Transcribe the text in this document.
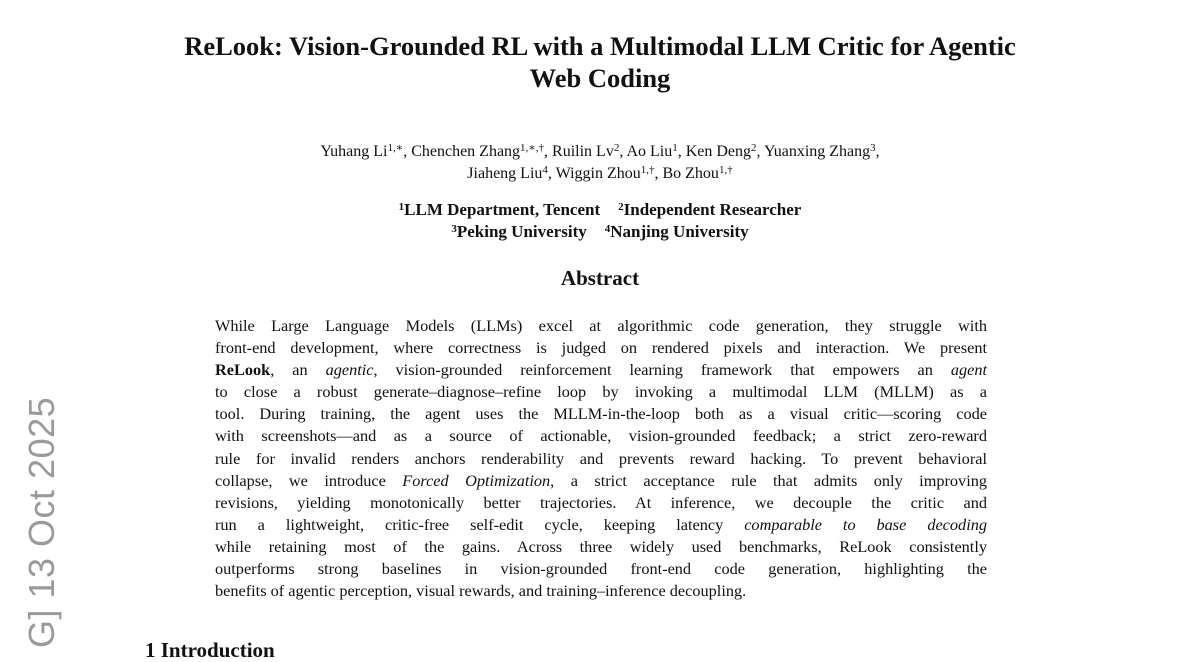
ReLook: Vision-Grounded RL with a Multimodal LLM Critic for Agentic
Web Coding
Yuhang $Li^{1,∗}$, Chenchen Zhang$^{1,∗,\dagger}$, Ruilin Lv$^2$, Ao Liu$^1$, Ken Deng$^2$, Yuanxing Zhang$^3$,
Jiaheng Liu$^4$, Wiggin Zhou$^{1,\dagger}$, Bo Zhou$^{1,\dagger}$
$^1$LLM Department, Tencent $^2$Independent Researcher
$^3$Peking University $^4$Nanjing University
Abstract
While Large Language Models (LLMs) excel at algorithmic code generation, they struggle with
front-end development, where correctness is judged on rendered pixels and interaction. We present
ReLook, an agentic, vision-grounded reinforcement learning framework that empowers an agent
to close a robust generate–diagnose–refine loop by invoking a multimodal LLM (MLLM) as a
tool. During training, the agent uses the MLLM-in-the-loop both as a visual critic—scoring code
with screenshots—and as a source of actionable, vision-grounded feedback; a strict zero-reward
rule for invalid renders anchors renderability and prevents reward hacking. To prevent behavioral
collapse, we introduce Forced Optimization, a strict acceptance rule that admits only improving
revisions, yielding monotonically better trajectories. At inference, we decouple the critic and
run a lightweight, critic-free self-edit cycle, keeping latency comparable to base decoding
while retaining most of the gains. Across three widely used benchmarks, ReLook consistently
outperforms strong baselines in vision-grounded front-end code generation, highlighting the
benefits of agentic perception, visual rewards, and training–inference decoupling.
G] 13 Oct 2025
1 Introduction
